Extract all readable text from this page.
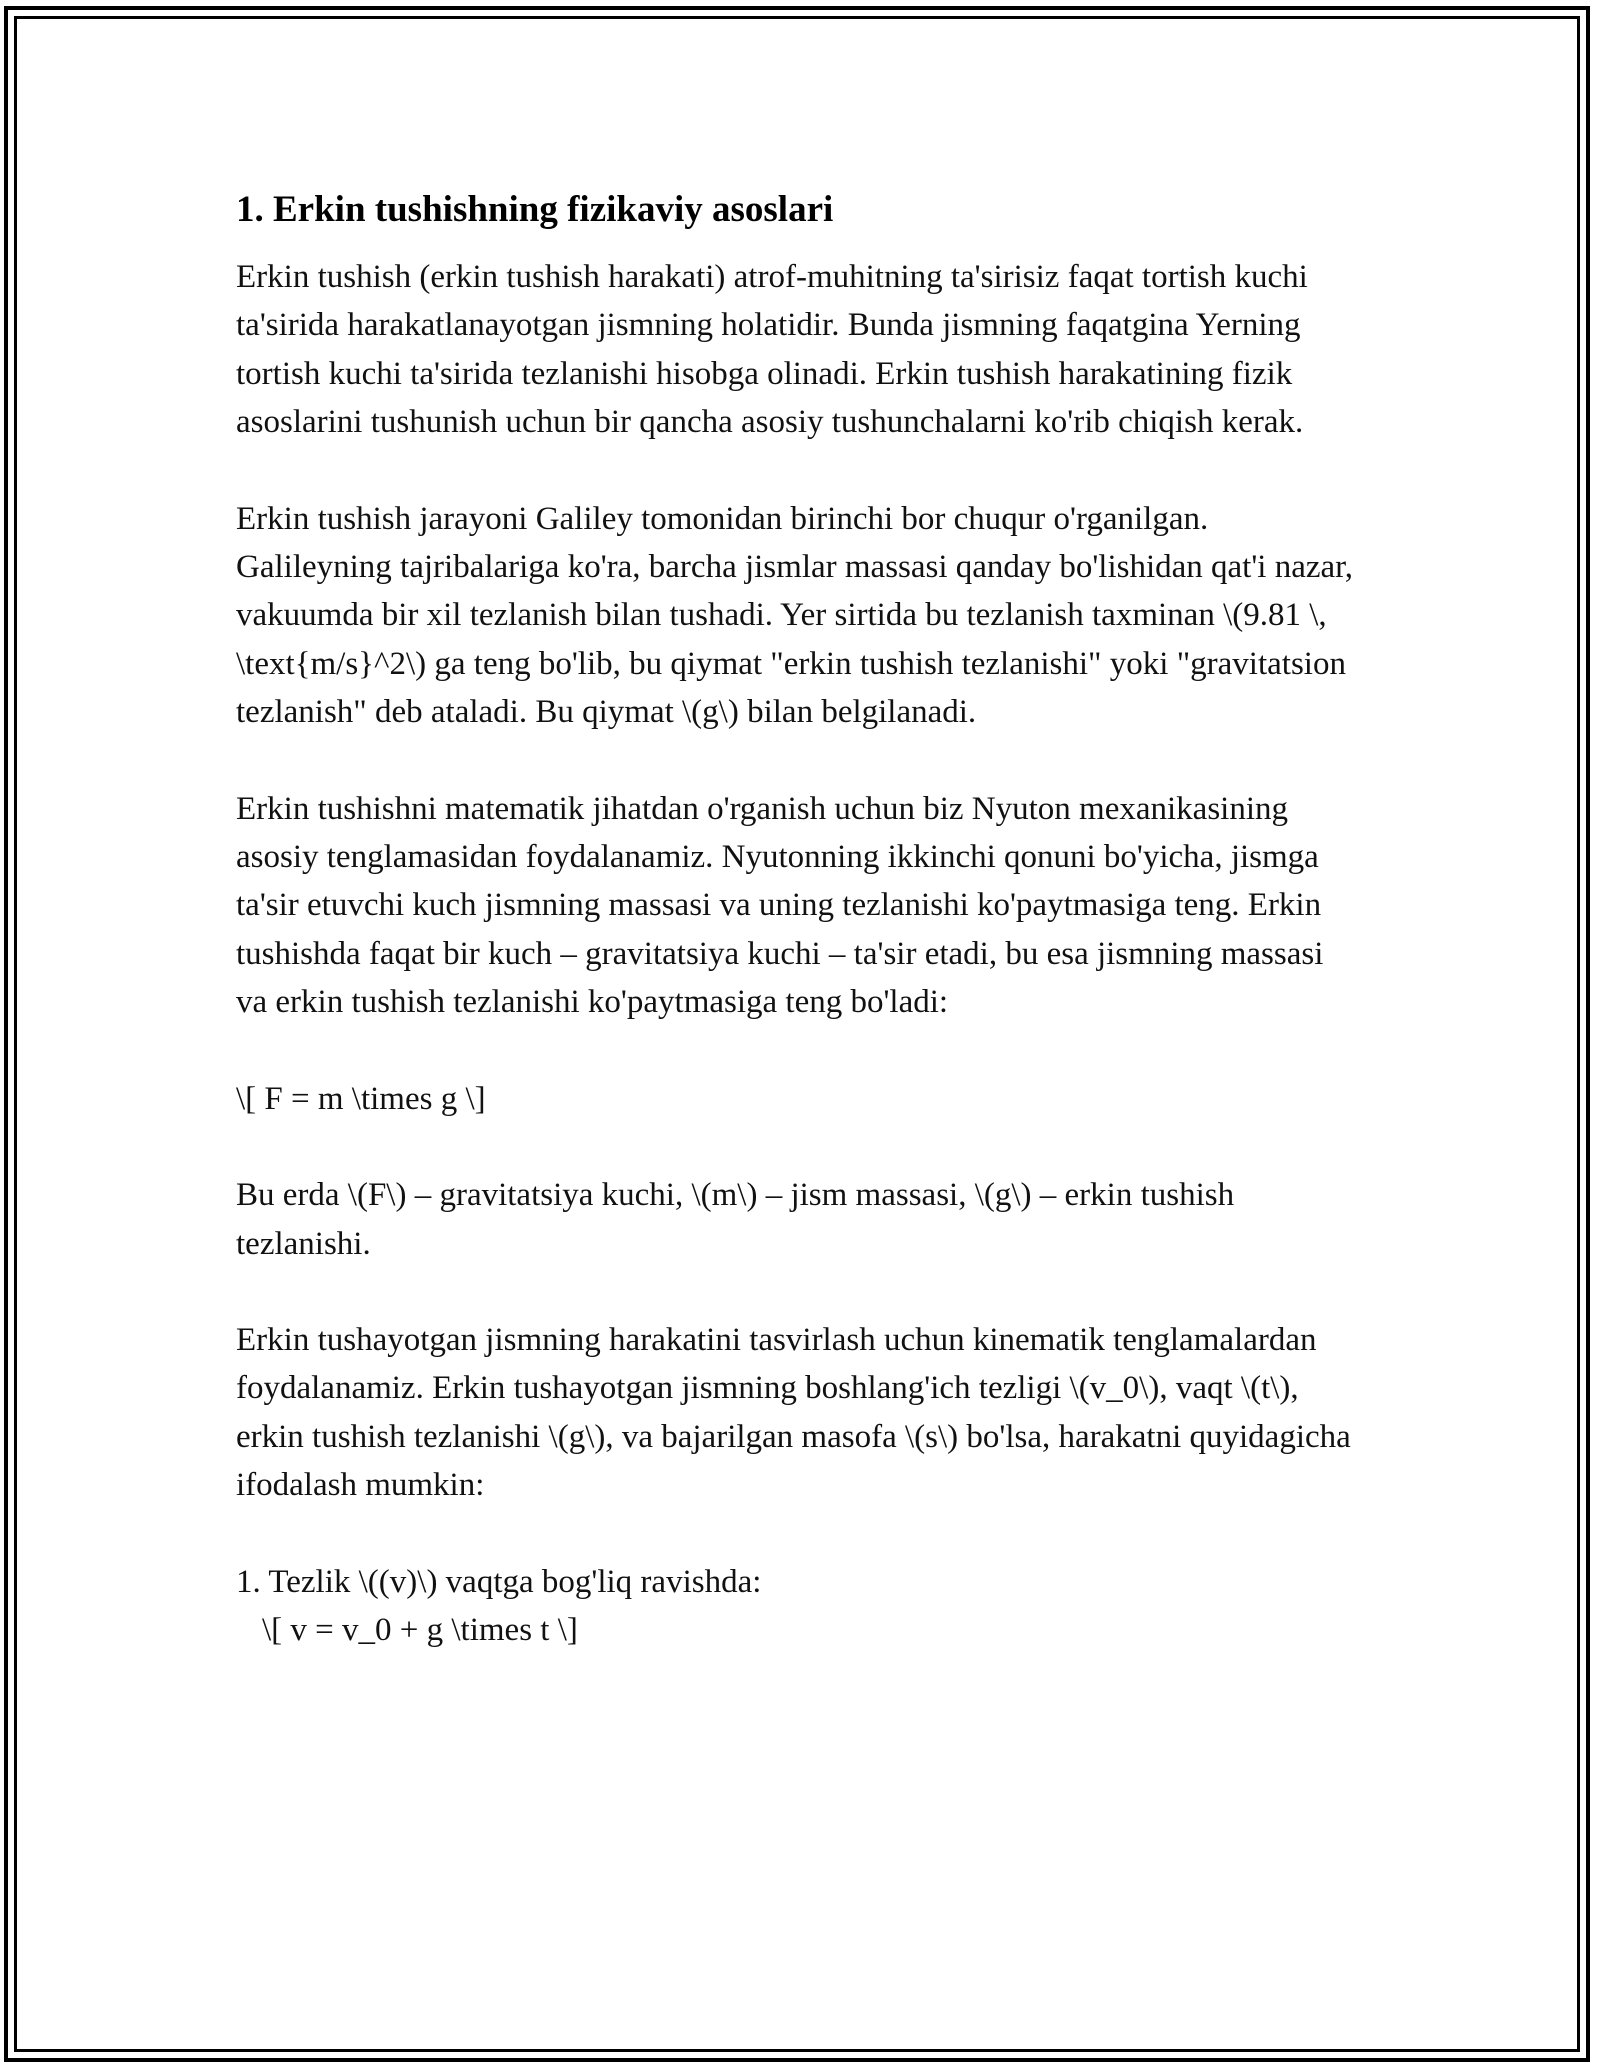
1. Erkin tushishning fizikaviy asoslari

Erkin tushish (erkin tushish harakati) atrof-muhitning ta'sirisiz faqat tortish kuchi ta'sirida harakatlanayotgan jismning holatidir. Bunda jismning faqatgina Yerning tortish kuchi ta'sirida tezlanishi hisobga olinadi. Erkin tushish harakatining fizik asoslarini tushunish uchun bir qancha asosiy tushunchalarni ko'rib chiqish kerak.

Erkin tushish jarayoni Galiley tomonidan birinchi bor chuqur o'rganilgan. Galileyning tajribalariga ko'ra, barcha jismlar massasi qanday bo'lishidan qat'i nazar, vakuumda bir xil tezlanish bilan tushadi. Yer sirtida bu tezlanish taxminan \(9.81 \, \text{m/s}^2\) ga teng bo'lib, bu qiymat "erkin tushish tezlanishi" yoki "gravitatsion tezlanish" deb ataladi. Bu qiymat \(g\) bilan belgilanadi.

Erkin tushishni matematik jihatdan o'rganish uchun biz Nyuton mexanikasining asosiy tenglamasidan foydalanamiz. Nyutonning ikkinchi qonuni bo'yicha, jismga ta'sir etuvchi kuch jismning massasi va uning tezlanishi ko'paytmasiga teng. Erkin tushishda faqat bir kuch – gravitatsiya kuchi – ta'sir etadi, bu esa jismning massasi va erkin tushish tezlanishi ko'paytmasiga teng bo'ladi:

\[ F = m \times g \]

Bu erda \(F\) – gravitatsiya kuchi, \(m\) – jism massasi, \(g\) – erkin tushish tezlanishi.

Erkin tushayotgan jismning harakatini tasvirlash uchun kinematik tenglamalardan foydalanamiz. Erkin tushayotgan jismning boshlang'ich tezligi \(v_0\), vaqt \(t\), erkin tushish tezlanishi \(g\), va bajarilgan masofa \(s\) bo'lsa, harakatni quyidagicha ifodalash mumkin:

1. Tezlik \((v)\) vaqtga bog'liq ravishda:
\[ v = v_0 + g \times t \]
